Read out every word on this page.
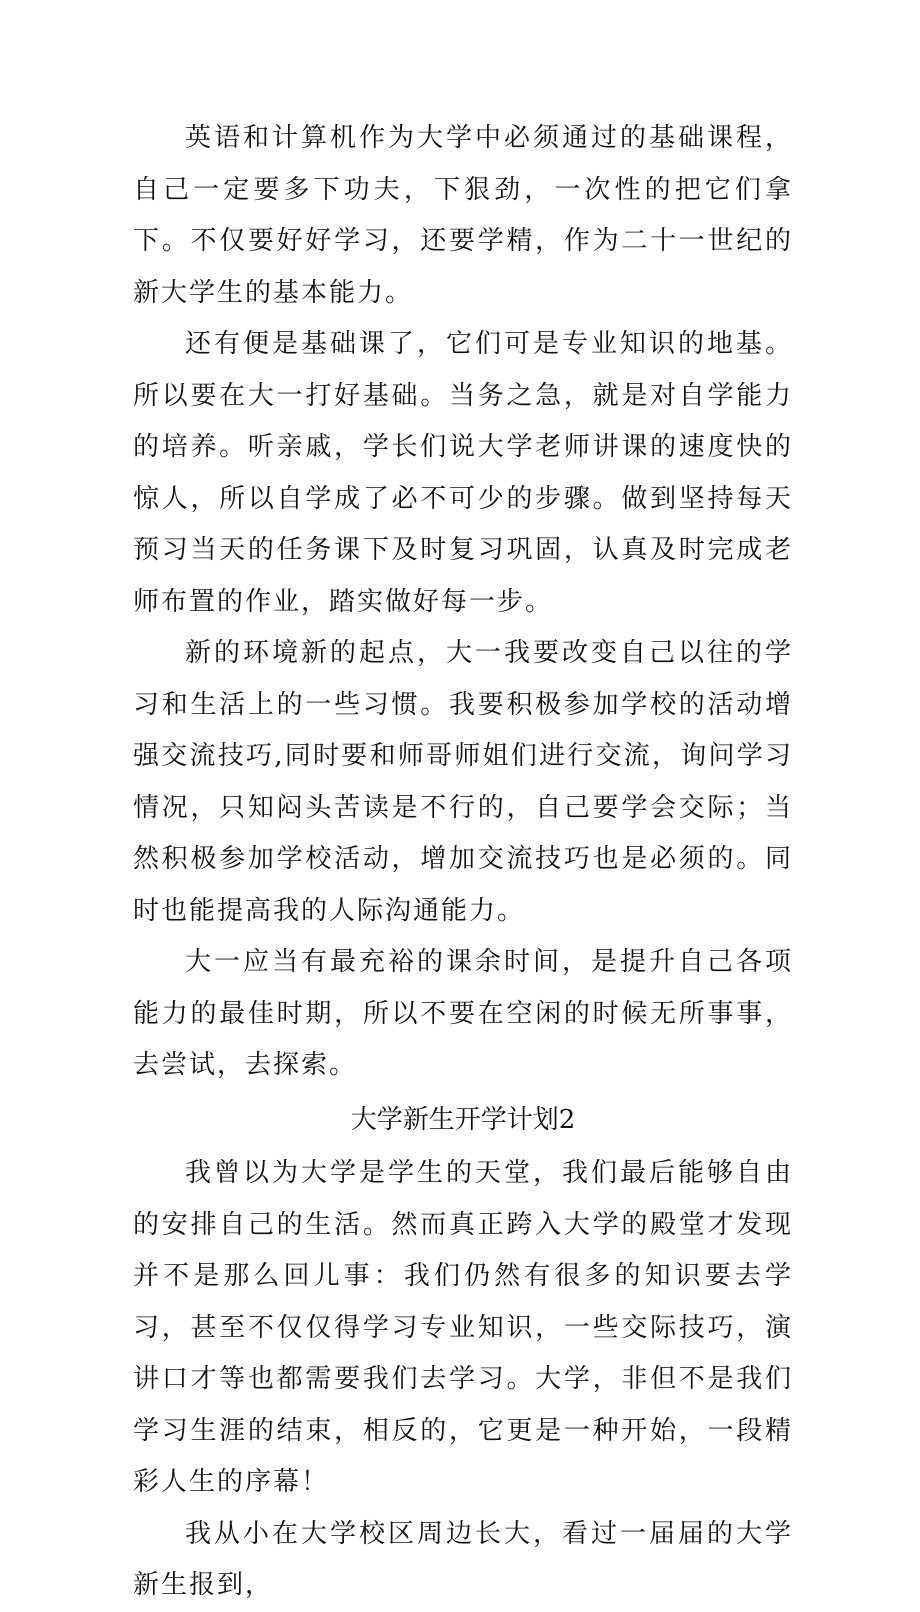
英语和计算机作为大学中必须通过的基础课程，自己一定要多下功夫，下狠劲，一次性的把它们拿下。不仅要好好学习，还要学精，作为二十一世纪的新大学生的基本能力。

还有便是基础课了，它们可是专业知识的地基。所以要在大一打好基础。当务之急，就是对自学能力的培养。听亲戚，学长们说大学老师讲课的速度快的惊人，所以自学成了必不可少的步骤。做到坚持每天预习当天的任务课下及时复习巩固，认真及时完成老师布置的作业，踏实做好每一步。

新的环境新的起点，大一我要改变自己以往的学习和生活上的一些习惯。我要积极参加学校的活动增强交流技巧,同时要和师哥师姐们进行交流，询问学习情况，只知闷头苦读是不行的，自己要学会交际；当然积极参加学校活动，增加交流技巧也是必须的。同时也能提高我的人际沟通能力。

大一应当有最充裕的课余时间，是提升自己各项能力的最佳时期，所以不要在空闲的时候无所事事，去尝试，去探索。

大学新生开学计划2

我曾以为大学是学生的天堂，我们最后能够自由的安排自己的生活。然而真正跨入大学的殿堂才发现并不是那么回儿事：我们仍然有很多的知识要去学习，甚至不仅仅得学习专业知识，一些交际技巧，演讲口才等也都需要我们去学习。大学，非但不是我们学习生涯的结束，相反的，它更是一种开始，一段精彩人生的序幕！

我从小在大学校区周边长大，看过一届届的大学新生报到，
